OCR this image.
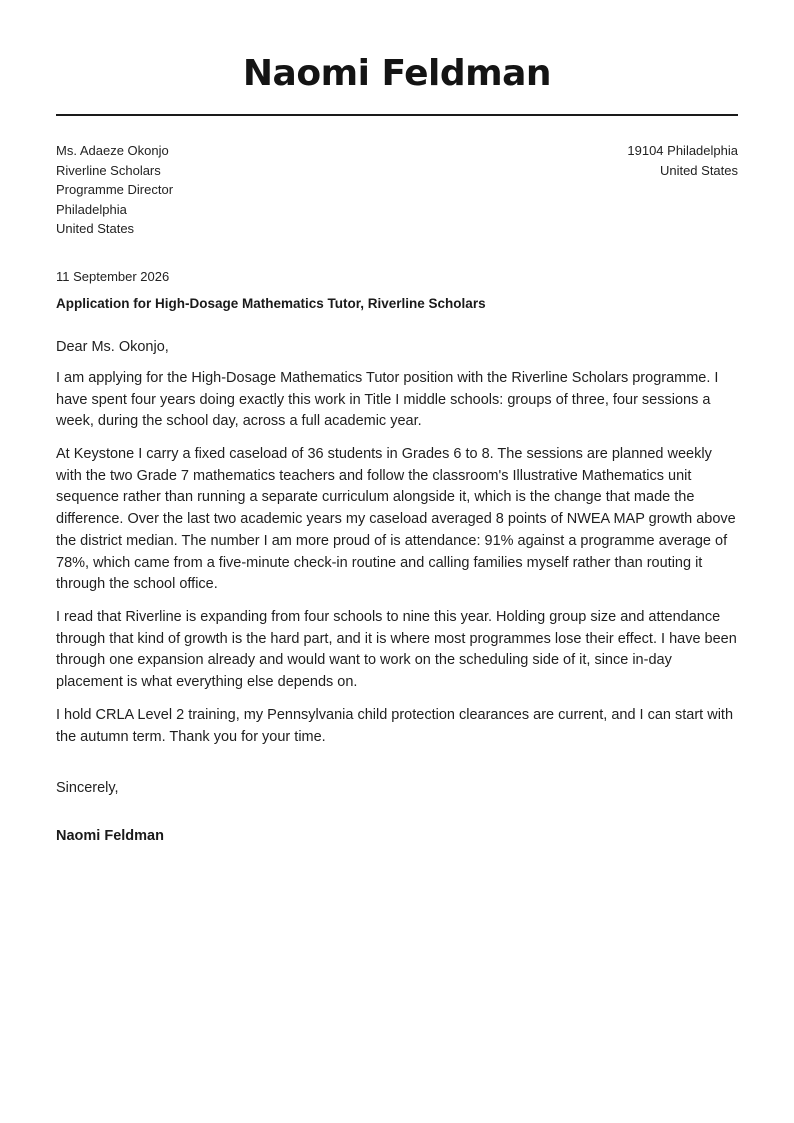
Naomi Feldman
Ms. Adaeze Okonjo
Riverline Scholars
Programme Director
Philadelphia
United States
19104 Philadelphia
United States
11 September 2026
Application for High-Dosage Mathematics Tutor, Riverline Scholars
Dear Ms. Okonjo,

I am applying for the High-Dosage Mathematics Tutor position with the Riverline Scholars programme. I have spent four years doing exactly this work in Title I middle schools: groups of three, four sessions a week, during the school day, across a full academic year.

At Keystone I carry a fixed caseload of 36 students in Grades 6 to 8. The sessions are planned weekly with the two Grade 7 mathematics teachers and follow the classroom's Illustrative Mathematics unit sequence rather than running a separate curriculum alongside it, which is the change that made the difference. Over the last two academic years my caseload averaged 8 points of NWEA MAP growth above the district median. The number I am more proud of is attendance: 91% against a programme average of 78%, which came from a five-minute check-in routine and calling families myself rather than routing it through the school office.

I read that Riverline is expanding from four schools to nine this year. Holding group size and attendance through that kind of growth is the hard part, and it is where most programmes lose their effect. I have been through one expansion already and would want to work on the scheduling side of it, since in-day placement is what everything else depends on.

I hold CRLA Level 2 training, my Pennsylvania child protection clearances are current, and I can start with the autumn term. Thank you for your time.

Sincerely,
Naomi Feldman
